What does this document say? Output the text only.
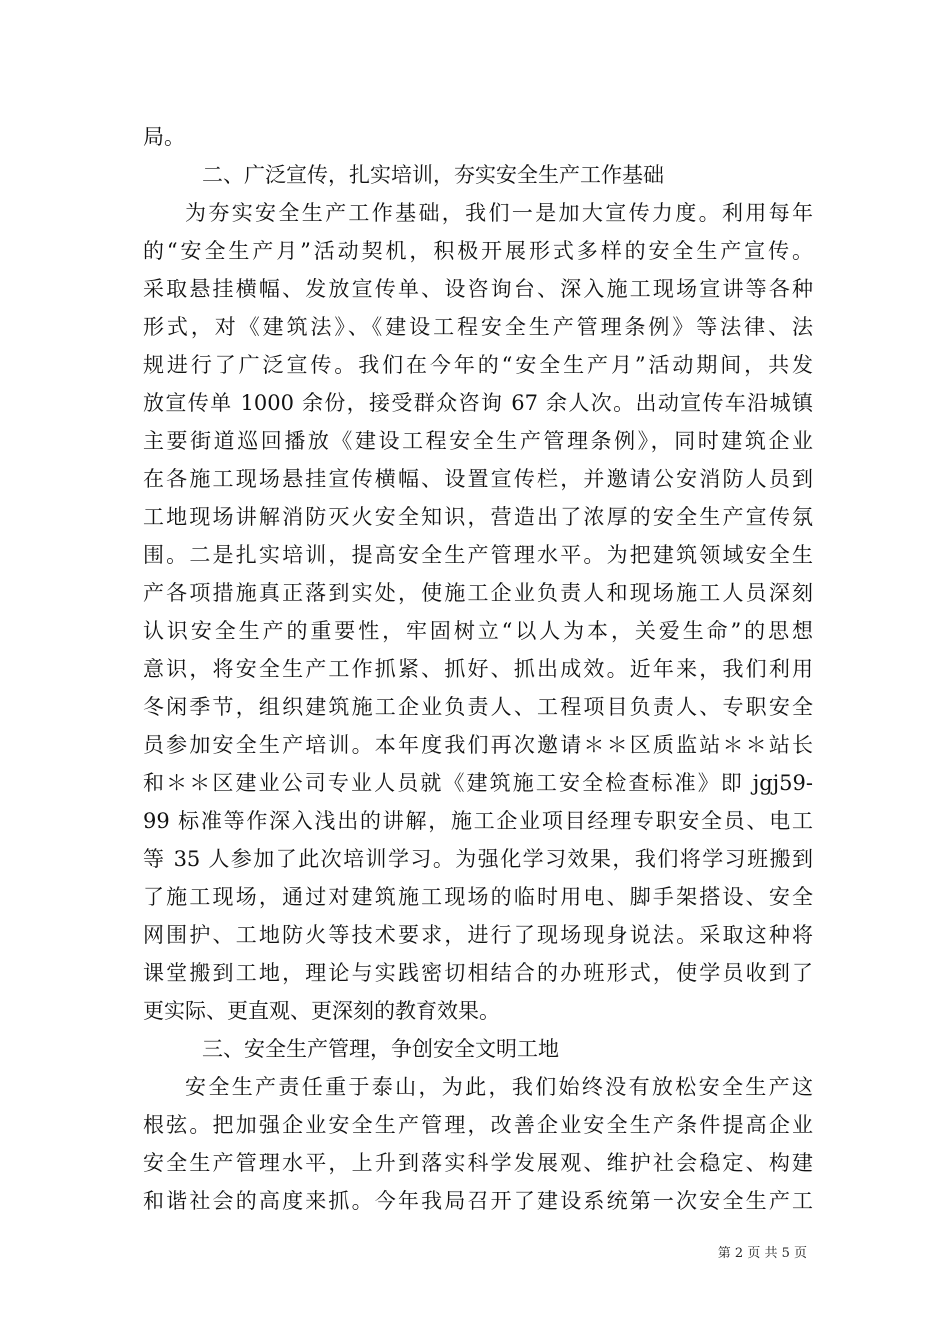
局。
二、广泛宣传，扎实培训，夯实安全生产工作基础
为夯实安全生产工作基础，我们一是加大宣传力度。利用每年
的“安全生产月”活动契机，积极开展形式多样的安全生产宣传。
采取悬挂横幅、发放宣传单、设咨询台、深入施工现场宣讲等各种
形式，对《建筑法》、《建设工程安全生产管理条例》等法律、法
规进行了广泛宣传。我们在今年的“安全生产月”活动期间，共发
放宣传单 1000 余份，接受群众咨询 67 余人次。出动宣传车沿城镇
主要街道巡回播放《建设工程安全生产管理条例》，同时建筑企业
在各施工现场悬挂宣传横幅、设置宣传栏，并邀请公安消防人员到
工地现场讲解消防灭火安全知识，营造出了浓厚的安全生产宣传氛
围。二是扎实培训，提高安全生产管理水平。为把建筑领域安全生
产各项措施真正落到实处，使施工企业负责人和现场施工人员深刻
认识安全生产的重要性，牢固树立“以人为本，关爱生命”的思想
意识，将安全生产工作抓紧、抓好、抓出成效。近年来，我们利用
冬闲季节，组织建筑施工企业负责人、工程项目负责人、专职安全
员参加安全生产培训。本年度我们再次邀请＊＊区质监站＊＊站长
和＊＊区建业公司专业人员就《建筑施工安全检查标准》即 jgj59-
99 标准等作深入浅出的讲解，施工企业项目经理专职安全员、电工
等 35 人参加了此次培训学习。为强化学习效果，我们将学习班搬到
了施工现场，通过对建筑施工现场的临时用电、脚手架搭设、安全
网围护、工地防火等技术要求，进行了现场现身说法。采取这种将
课堂搬到工地，理论与实践密切相结合的办班形式，使学员收到了
更实际、更直观、更深刻的教育效果。
三、安全生产管理，争创安全文明工地
安全生产责任重于泰山，为此，我们始终没有放松安全生产这
根弦。把加强企业安全生产管理，改善企业安全生产条件提高企业
安全生产管理水平，上升到落实科学发展观、维护社会稳定、构建
和谐社会的高度来抓。今年我局召开了建设系统第一次安全生产工
第 2 页 共 5 页
